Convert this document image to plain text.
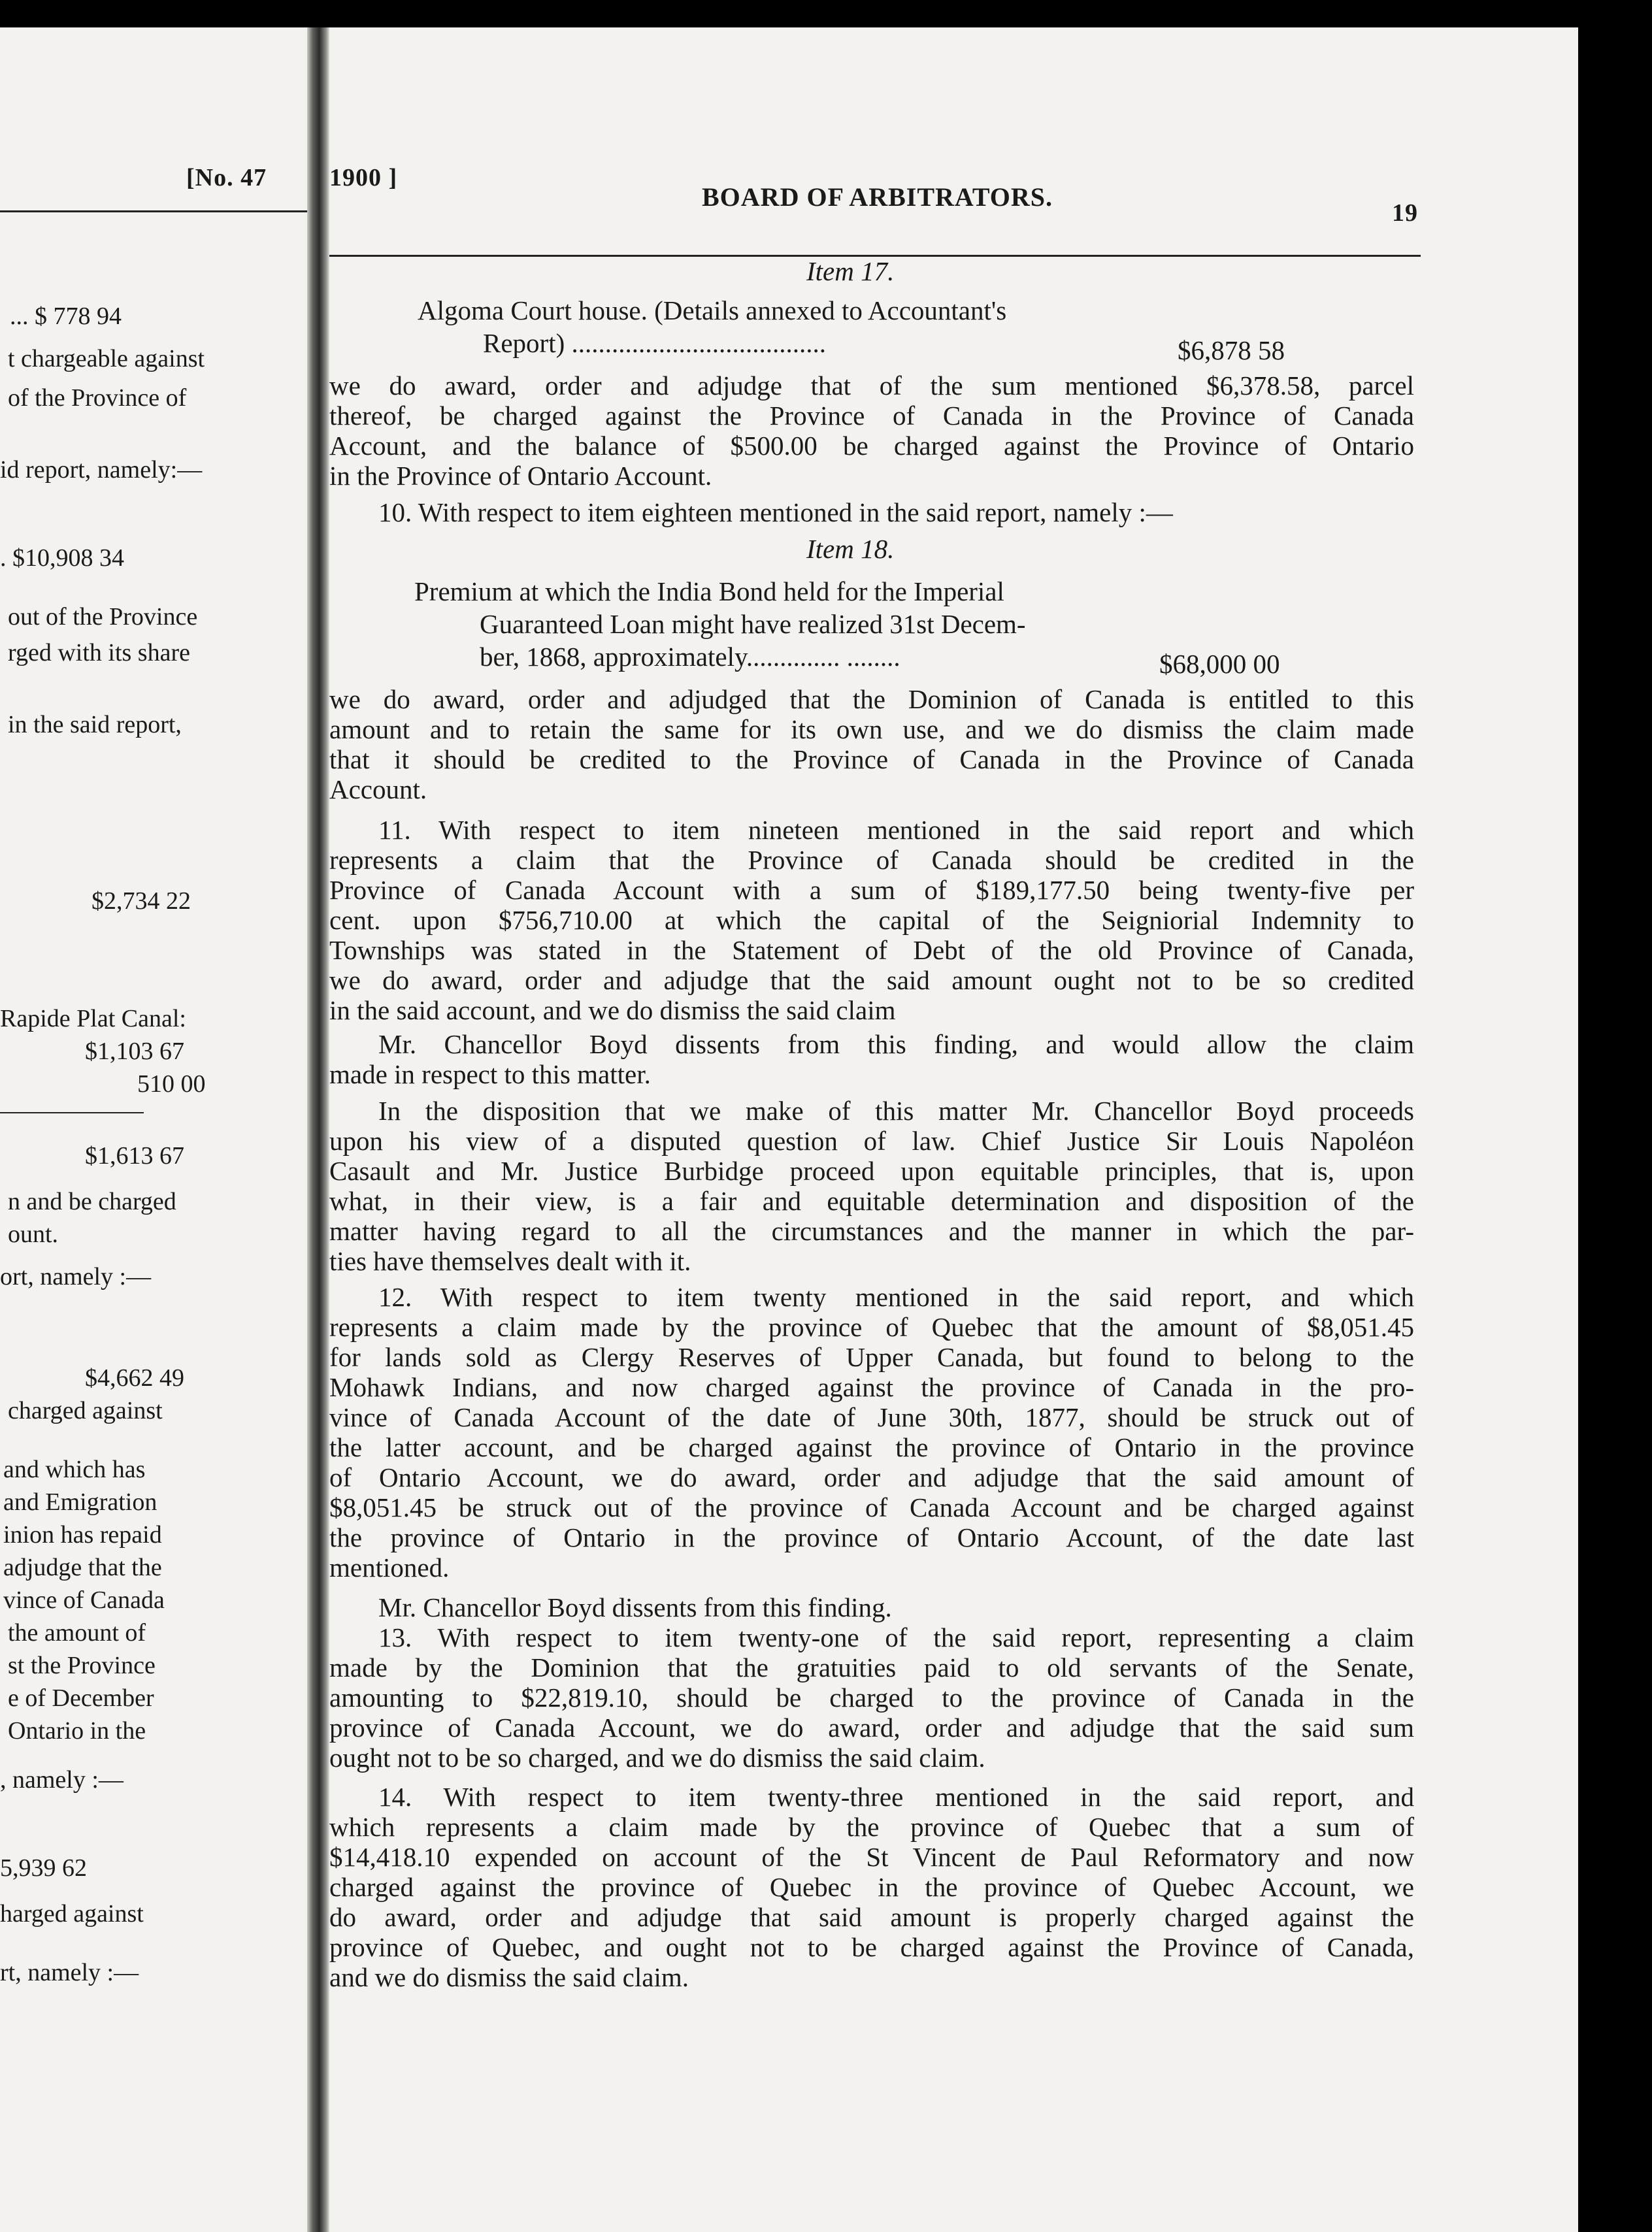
[No. 47
... $ 778 94
t chargeable against
of the Province of
id report, namely:—
. $10,908 34
out of the Province
rged with its share
in the said report,
$2,734 22
Rapide Plat Canal:
$1,103 67
510 00
$1,613 67
n and be charged
ount.
ort, namely :—
$4,662 49
charged against
and which has
and Emigration
inion has repaid
adjudge that the
vince of Canada
the amount of
st the Province
e of December
Ontario in the
, namely :—
5,939 62
harged against
rt, namely :—
1900 ]
BOARD OF ARBITRATORS.
19
Item 17.
Algoma Court house. (Details annexed to Accountant's
Report) ......................................	$6,878 58
we do award, order and adjudge that of the sum mentioned $6,378.58, parcel
thereof, be charged against the Province of Canada in the Province of Canada
Account, and the balance of $500.00 be charged against the Province of Ontario
in the Province of Ontario Account.
10. With respect to item eighteen mentioned in the said report, namely :—
Item 18.
Premium at which the India Bond held for the Imperial
Guaranteed Loan might have realized 31st Decem-
ber, 1868, approximately.............. ........	$68,000 00
we do award, order and adjudged that the Dominion of Canada is entitled to this
amount and to retain the same for its own use, and we do dismiss the claim made
that it should be credited to the Province of Canada in the Province of Canada
Account.
11. With respect to item nineteen mentioned in the said report and which
represents a claim that the Province of Canada should be credited in the
Province of Canada Account with a sum of $189,177.50 being twenty-five per
cent. upon $756,710.00 at which the capital of the Seigniorial Indemnity to
Townships was stated in the Statement of Debt of the old Province of Canada,
we do award, order and adjudge that the said amount ought not to be so credited
in the said account, and we do dismiss the said claim
Mr. Chancellor Boyd dissents from this finding, and would allow the claim
made in respect to this matter.
In the disposition that we make of this matter Mr. Chancellor Boyd proceeds
upon his view of a disputed question of law. Chief Justice Sir Louis Napoléon
Casault and Mr. Justice Burbidge proceed upon equitable principles, that is, upon
what, in their view, is a fair and equitable determination and disposition of the
matter having regard to all the circumstances and the manner in which the par-
ties have themselves dealt with it.
12. With respect to item twenty mentioned in the said report, and which
represents a claim made by the province of Quebec that the amount of $8,051.45
for lands sold as Clergy Reserves of Upper Canada, but found to belong to the
Mohawk Indians, and now charged against the province of Canada in the pro-
vince of Canada Account of the date of June 30th, 1877, should be struck out of
the latter account, and be charged against the province of Ontario in the province
of Ontario Account, we do award, order and adjudge that the said amount of
$8,051.45 be struck out of the province of Canada Account and be charged against
the province of Ontario in the province of Ontario Account, of the date last
mentioned.
Mr. Chancellor Boyd dissents from this finding.
13. With respect to item twenty-one of the said report, representing a claim
made by the Dominion that the gratuities paid to old servants of the Senate,
amounting to $22,819.10, should be charged to the province of Canada in the
province of Canada Account, we do award, order and adjudge that the said sum
ought not to be so charged, and we do dismiss the said claim.
14. With respect to item twenty-three mentioned in the said report, and
which represents a claim made by the province of Quebec that a sum of
$14,418.10 expended on account of the St Vincent de Paul Reformatory and now
charged against the province of Quebec in the province of Quebec Account, we
do award, order and adjudge that said amount is properly charged against the
province of Quebec, and ought not to be charged against the Province of Canada,
and we do dismiss the said claim.
